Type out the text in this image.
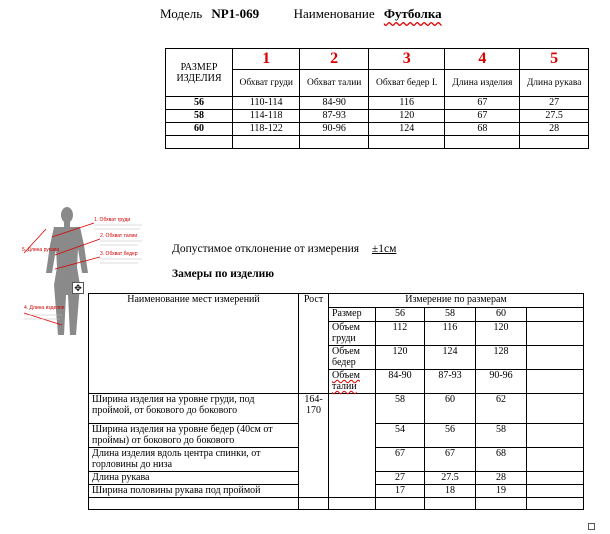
Модель NP1-069	Наименование Футболка
РАЗМЕР ИЗДЕЛИЯ	1	2	3	4	5
	Обхват груди	Обхват талии	Обхват бедер I.	Длина изделия	Длина рукава
56	110-114	84-90	116	67	27
58	114-118	87-93	120	67	27.5
60	118-122	90-96	124	68	28

1. Обхват груди
2. Обхват талии
3. Обхват бедер
4. Длина изделия
5. Длина рукава
✥
Допустимое отклонение от измерения ±1см
Замеры по изделию
Наименование мест измерений	Рост	Измерение по размерам				
		Размер	56	58	60	
		Объем груди	112	116	120	
		Объем бедер	120	124	128	
		Объем талии	84-90	87-93	90-96	
Ширина изделия на уровне груди, под проймой, от бокового до бокового	164-170		58	60	62	
Ширина изделия на уровне бедер (40см от проймы) от бокового до бокового			54	56	58	
Длина изделия вдоль центра спинки, от горловины до низа			67	67	68	
Длина рукава			27	27.5	28	
Ширина половины рукава под проймой			17	18	19	
